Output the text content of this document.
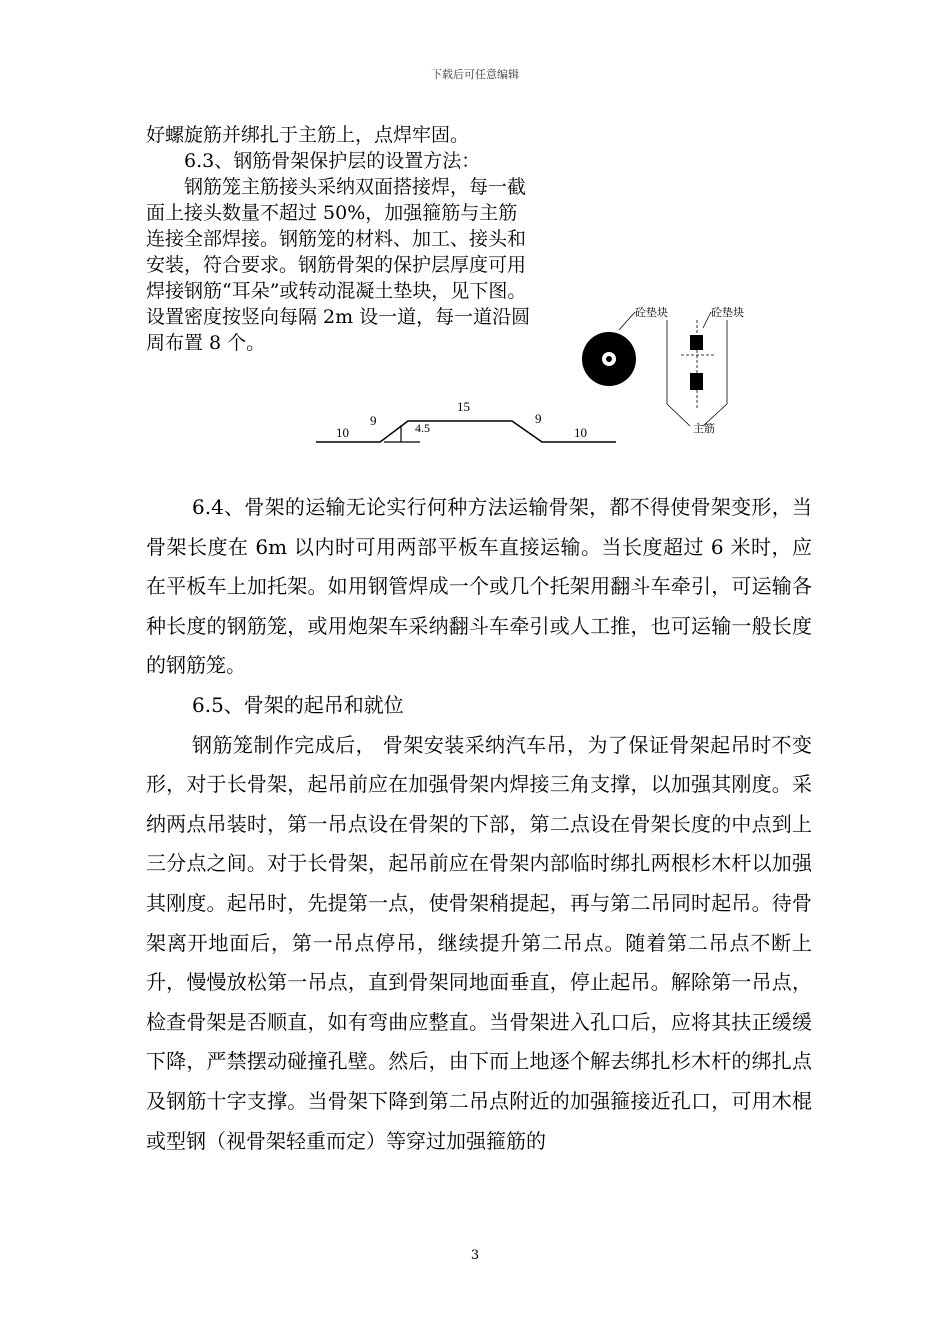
下载后可任意编辑

好螺旋筋并绑扎于主筋上，点焊牢固。

6.3、钢筋骨架保护层的设置方法：

钢筋笼主筋接头采纳双面搭接焊，每一截面上接头数量不超过 50%，加强箍筋与主筋连接全部焊接。钢筋笼的材料、加工、接头和安装，符合要求。钢筋骨架的保护层厚度可用焊接钢筋“耳朵”或转动混凝土垫块，见下图。设置密度按竖向每隔 2m 设一道，每一道沿圆周布置 8 个。

10
9	4.5
15
9
10
砼垫块	砼垫块
主筋

6.4、骨架的运输无论实行何种方法运输骨架，都不得使骨架变形，当骨架长度在 6m 以内时可用两部平板车直接运输。当长度超过 6 米时，应在平板车上加托架。如用钢管焊成一个或几个托架用翻斗车牵引，可运输各种长度的钢筋笼，或用炮架车采纳翻斗车牵引或人工推，也可运输一般长度的钢筋笼。

6.5、骨架的起吊和就位

钢筋笼制作完成后， 骨架安装采纳汽车吊，为了保证骨架起吊时不变形，对于长骨架，起吊前应在加强骨架内焊接三角支撑，以加强其刚度。采纳两点吊装时，第一吊点设在骨架的下部，第二点设在骨架长度的中点到上三分点之间。对于长骨架，起吊前应在骨架内部临时绑扎两根杉木杆以加强其刚度。起吊时，先提第一点，使骨架稍提起，再与第二吊同时起吊。待骨架离开地面后，第一吊点停吊，继续提升第二吊点。随着第二吊点不断上升，慢慢放松第一吊点，直到骨架同地面垂直，停止起吊。解除第一吊点，检查骨架是否顺直，如有弯曲应整直。当骨架进入孔口后，应将其扶正缓缓下降，严禁摆动碰撞孔壁。然后，由下而上地逐个解去绑扎杉木杆的绑扎点及钢筋十字支撑。当骨架下降到第二吊点附近的加强箍接近孔口，可用木棍或型钢（视骨架轻重而定）等穿过加强箍筋的

3
